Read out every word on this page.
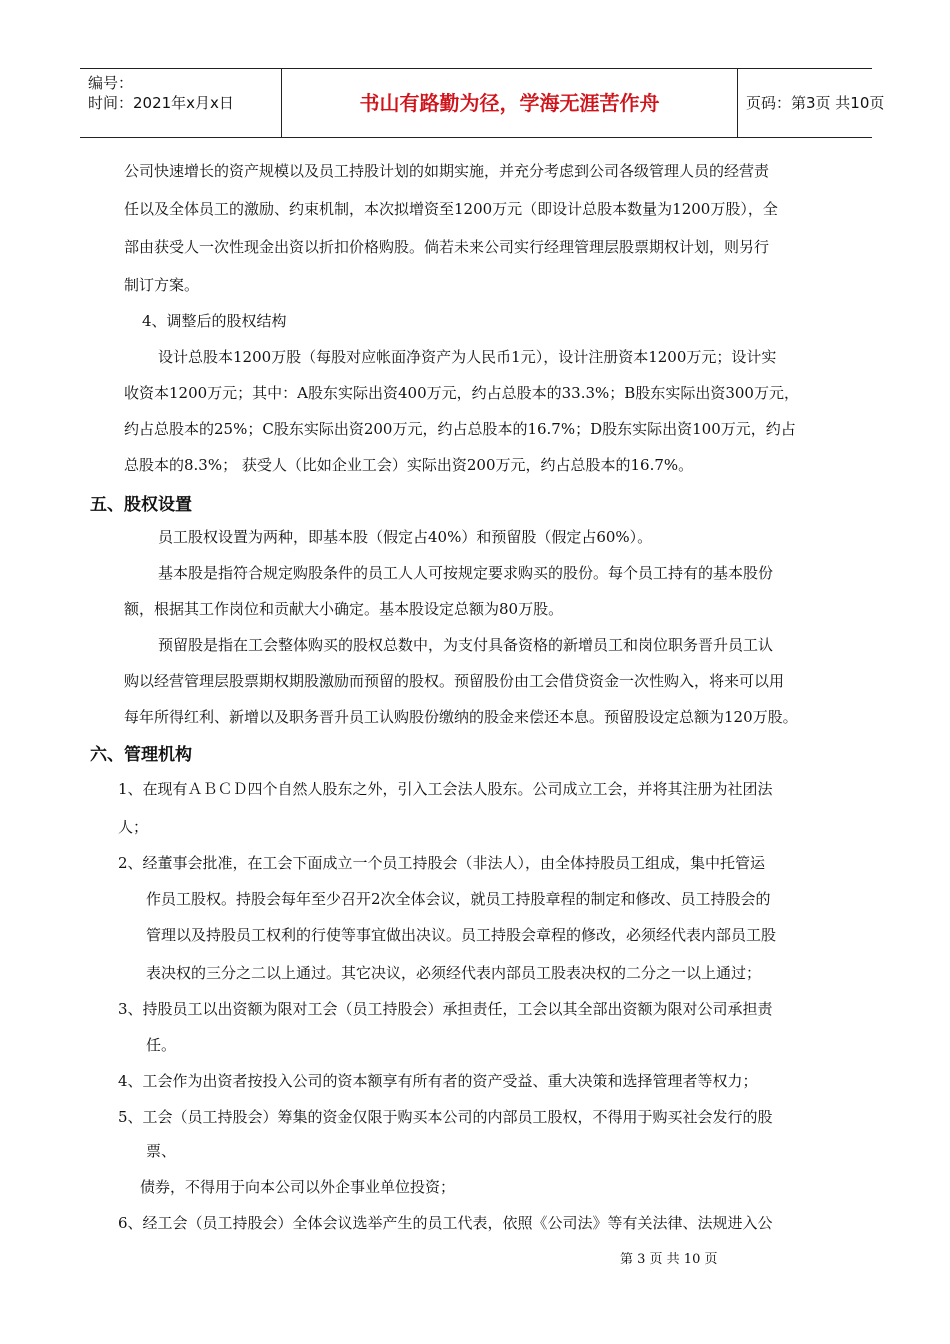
编号：
时间：2021年x月x日	书山有路勤为径，学海无涯苦作舟	页码：第3页 共10页
公司快速增长的资产规模以及员工持股计划的如期实施，并充分考虑到公司各级管理人员的经营责
任以及全体员工的激励、约束机制，本次拟增资至1200万元（即设计总股本数量为1200万股），全
部由获受人一次性现金出资以折扣价格购股。倘若未来公司实行经理管理层股票期权计划，则另行
制订方案。
4、调整后的股权结构
设计总股本1200万股（每股对应帐面净资产为人民币1元），设计注册资本1200万元；设计实
收资本1200万元；其中：A股东实际出资400万元，约占总股本的33.3%；B股东实际出资300万元，
约占总股本的25%；C股东实际出资200万元，约占总股本的16.7%；D股东实际出资100万元，约占
总股本的8.3%； 获受人（比如企业工会）实际出资200万元，约占总股本的16.7%。
五、股权设置
员工股权设置为两种，即基本股（假定占40%）和预留股（假定占60%）。
基本股是指符合规定购股条件的员工人人可按规定要求购买的股份。每个员工持有的基本股份
额，根据其工作岗位和贡献大小确定。基本股设定总额为80万股。
预留股是指在工会整体购买的股权总数中，为支付具备资格的新增员工和岗位职务晋升员工认
购以经营管理层股票期权期股激励而预留的股权。预留股份由工会借贷资金一次性购入，将来可以用
每年所得红利、新增以及职务晋升员工认购股份缴纳的股金来偿还本息。预留股设定总额为120万股。
六、管理机构
1、在现有ＡＢＣＤ四个自然人股东之外，引入工会法人股东。公司成立工会，并将其注册为社团法
人；
2、经董事会批准，在工会下面成立一个员工持股会（非法人），由全体持股员工组成，集中托管运
作员工股权。持股会每年至少召开2次全体会议，就员工持股章程的制定和修改、员工持股会的
管理以及持股员工权利的行使等事宜做出决议。员工持股会章程的修改，必须经代表内部员工股
表决权的三分之二以上通过。其它决议，必须经代表内部员工股表决权的二分之一以上通过；
3、持股员工以出资额为限对工会（员工持股会）承担责任，工会以其全部出资额为限对公司承担责
任。
4、工会作为出资者按投入公司的资本额享有所有者的资产受益、重大决策和选择管理者等权力；
5、工会（员工持股会）筹集的资金仅限于购买本公司的内部员工股权，不得用于购买社会发行的股
票、
债券，不得用于向本公司以外企事业单位投资；
6、经工会（员工持股会）全体会议选举产生的员工代表，依照《公司法》等有关法律、法规进入公
第 3 页 共 10 页
